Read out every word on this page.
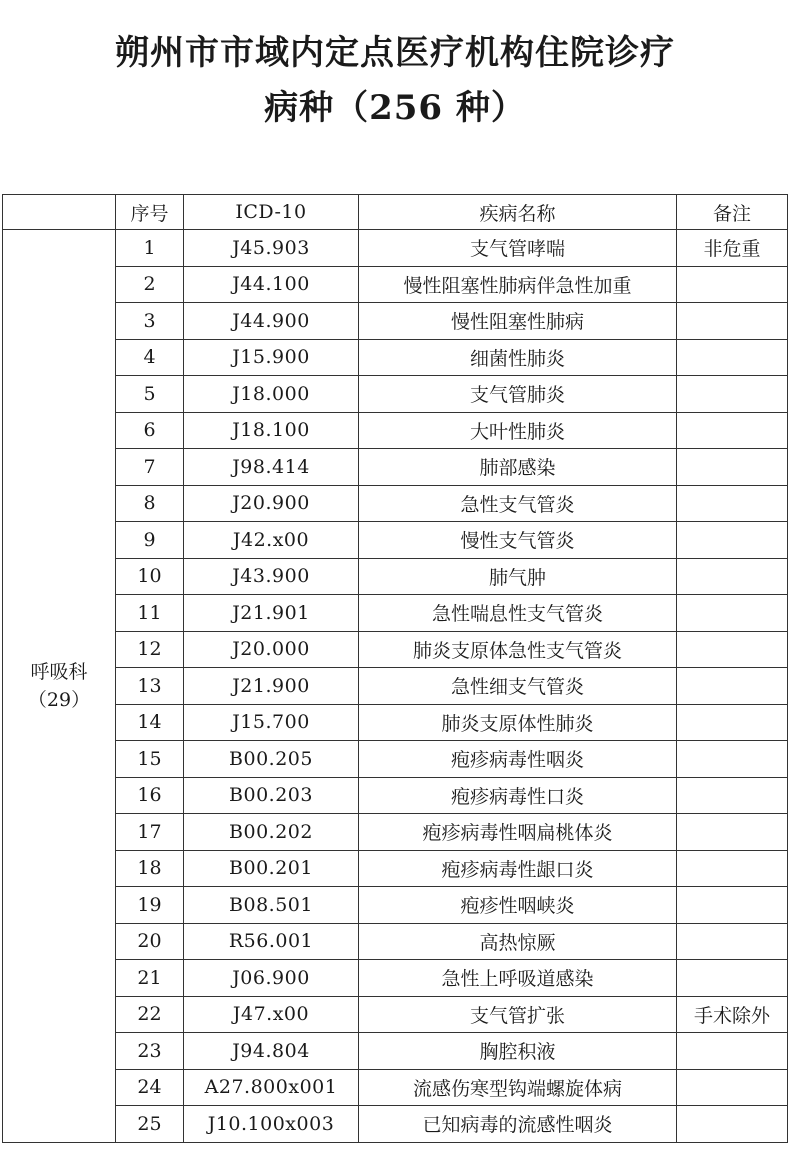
朔州市市域内定点医疗机构住院诊疗
病种（256 种）
	序号	ICD-10	疾病名称	备注

呼吸科
（29）	1	J45.903	支气管哮喘	非危重
	2	J44.100	慢性阻塞性肺病伴急性加重	
	3	J44.900	慢性阻塞性肺病	
	4	J15.900	细菌性肺炎	
	5	J18.000	支气管肺炎	
	6	J18.100	大叶性肺炎	
	7	J98.414	肺部感染	
	8	J20.900	急性支气管炎	
	9	J42.x00	慢性支气管炎	
	10	J43.900	肺气肿	
	11	J21.901	急性喘息性支气管炎	
	12	J20.000	肺炎支原体急性支气管炎	
	13	J21.900	急性细支气管炎	
	14	J15.700	肺炎支原体性肺炎	
	15	B00.205	疱疹病毒性咽炎	
	16	B00.203	疱疹病毒性口炎	
	17	B00.202	疱疹病毒性咽扁桃体炎	
	18	B00.201	疱疹病毒性龈口炎	
	19	B08.501	疱疹性咽峡炎	
	20	R56.001	高热惊厥	
	21	J06.900	急性上呼吸道感染	
	22	J47.x00	支气管扩张	手术除外
	23	J94.804	胸腔积液	
	24	A27.800x001	流感伤寒型钩端螺旋体病	
	25	J10.100x003	已知病毒的流感性咽炎	
